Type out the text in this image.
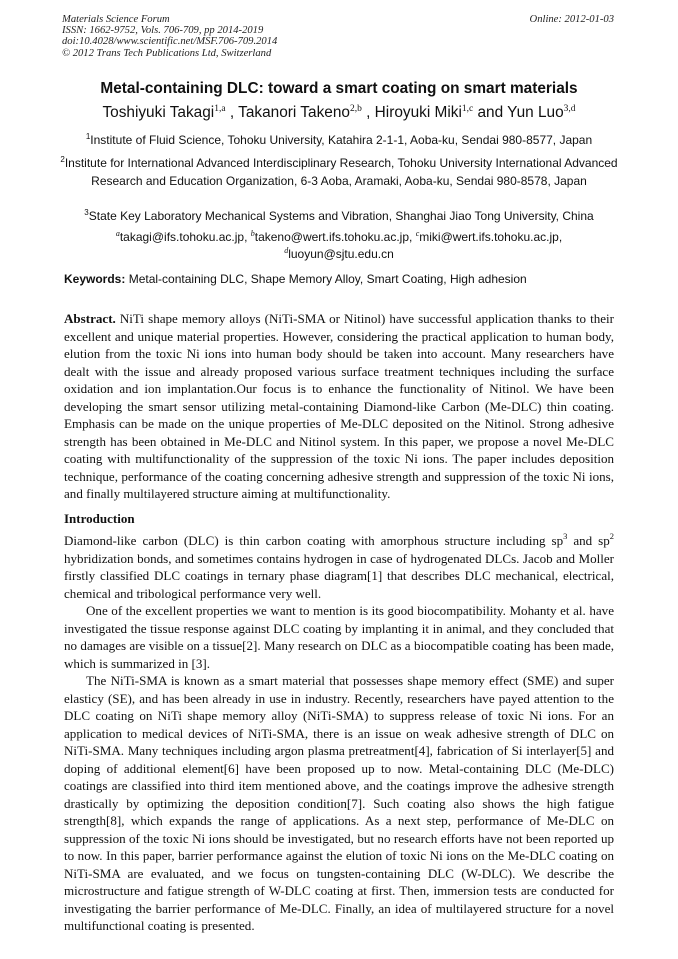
Materials Science Forum
ISSN: 1662-9752, Vols. 706-709, pp 2014-2019
doi:10.4028/www.scientific.net/MSF.706-709.2014
© 2012 Trans Tech Publications Ltd, Switzerland
Online: 2012-01-03
Metal-containing DLC: toward a smart coating on smart materials
Toshiyuki Takagi$^{1,a}$ , Takanori Takeno$^{2,b}$ , Hiroyuki Miki$^{1,c}$ and Yun Luo$^{3,d}$
$^1$Institute of Fluid Science, Tohoku University, Katahira 2-1-1, Aoba-ku, Sendai 980-8577, Japan
$^2$Institute for International Advanced Interdisciplinary Research, Tohoku University International Advanced Research and Education Organization, 6-3 Aoba, Aramaki, Aoba-ku, Sendai 980-8578, Japan
$^3$State Key Laboratory Mechanical Systems and Vibration, Shanghai Jiao Tong University, China
$^a$takagi@ifs.tohoku.ac.jp, $^b$takeno@wert.ifs.tohoku.ac.jp, $^c$miki@wert.ifs.tohoku.ac.jp,
$^d$luoyun@sjtu.edu.cn
Keywords: Metal-containing DLC, Shape Memory Alloy, Smart Coating, High adhesion
Abstract. NiTi shape memory alloys (NiTi-SMA or Nitinol) have successful application thanks to their excellent and unique material properties. However, considering the practical application to human body, elution from the toxic Ni ions into human body should be taken into account. Many researchers have dealt with the issue and already proposed various surface treatment techniques including the surface oxidation and ion implantation.Our focus is to enhance the functionality of Nitinol. We have been developing the smart sensor utilizing metal-containing Diamond-like Carbon (Me-DLC) thin coating. Emphasis can be made on the unique properties of Me-DLC deposited on the Nitinol. Strong adhesive strength has been obtained in Me-DLC and Nitinol system. In this paper, we propose a novel Me-DLC coating with multifunctionality of the suppression of the toxic Ni ions. The paper includes deposition technique, performance of the coating concerning adhesive strength and suppression of the toxic Ni ions, and finally multilayered structure aiming at multifunctionality.
Introduction

Diamond-like carbon (DLC) is thin carbon coating with amorphous structure including $sp^3$ and $sp^2$ hybridization bonds, and sometimes contains hydrogen in case of hydrogenated DLCs. Jacob and Moller firstly classified DLC coatings in ternary phase diagram[1] that describes DLC mechanical, electrical, chemical and tribological performance very well.

One of the excellent properties we want to mention is its good biocompatibility. Mohanty et al. have investigated the tissue response against DLC coating by implanting it in animal, and they concluded that no damages are visible on a tissue[2]. Many research on DLC as a biocompatible coating has been made, which is summarized in [3].

The NiTi-SMA is known as a smart material that possesses shape memory effect (SME) and super elasticy (SE), and has been already in use in industry. Recently, researchers have payed attention to the DLC coating on NiTi shape memory alloy (NiTi-SMA) to suppress release of toxic Ni ions. For an application to medical devices of NiTi-SMA, there is an issue on weak adhesive strength of DLC on NiTi-SMA. Many techniques including argon plasma pretreatment[4], fabrication of Si interlayer[5] and doping of additional element[6] have been proposed up to now. Metal-containing DLC (Me-DLC) coatings are classified into third item mentioned above, and the coatings improve the adhesive strength drastically by optimizing the deposition condition[7]. Such coating also shows the high fatigue strength[8], which expands the range of applications. As a next step, performance of Me-DLC on suppression of the toxic Ni ions should be investigated, but no research efforts have not been reported up to now. In this paper, barrier performance against the elution of toxic Ni ions on the Me-DLC coating on NiTi-SMA are evaluated, and we focus on tungsten-containing DLC (W-DLC). We describe the microstructure and fatigue strength of W-DLC coating at first. Then, immersion tests are conducted for investigating the barrier performance of Me-DLC. Finally, an idea of multilayered structure for a novel multifunctional coating is presented.
